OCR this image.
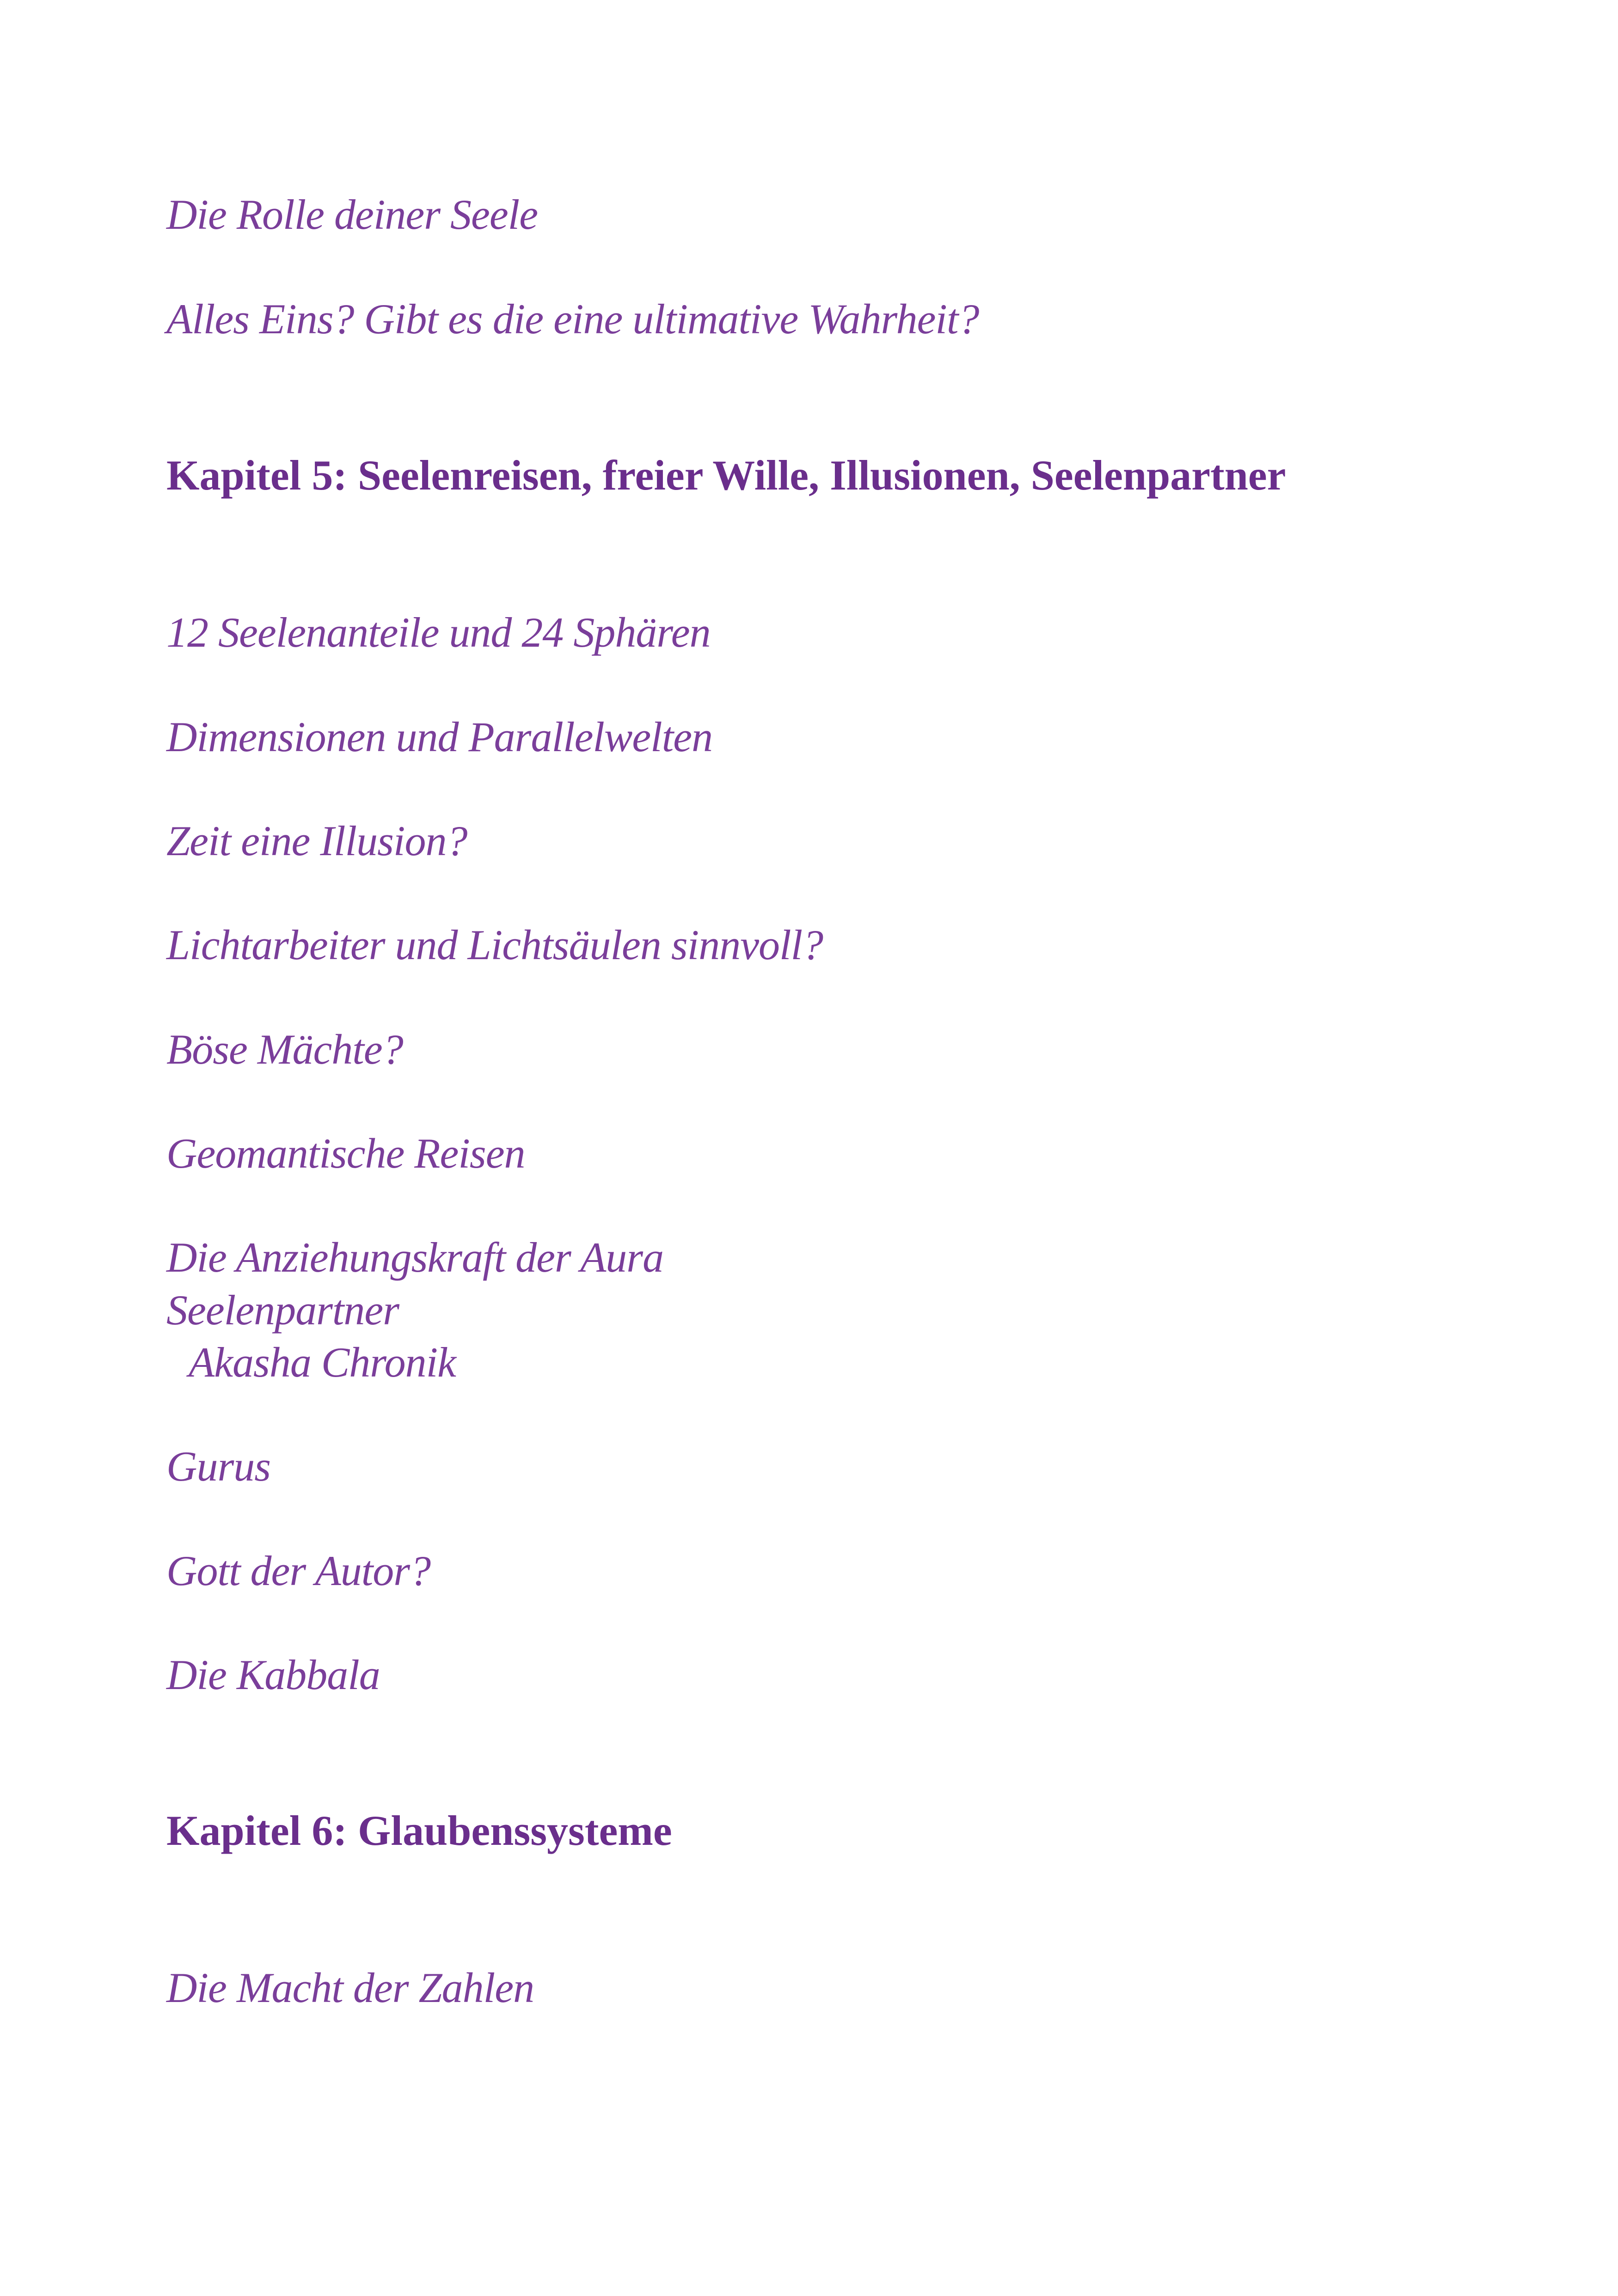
Die Rolle deiner Seele
Alles Eins? Gibt es die eine ultimative Wahrheit?
Kapitel 5: Seelenreisen, freier Wille, Illusionen, Seelenpartner
12 Seelenanteile und 24 Sphären
Dimensionen und Parallelwelten
Zeit eine Illusion?
Lichtarbeiter und Lichtsäulen sinnvoll?
Böse Mächte?
Geomantische Reisen
Die Anziehungskraft der Aura
Seelenpartner
Akasha Chronik
Gurus
Gott der Autor?
Die Kabbala
Kapitel 6: Glaubenssysteme
Die Macht der Zahlen
